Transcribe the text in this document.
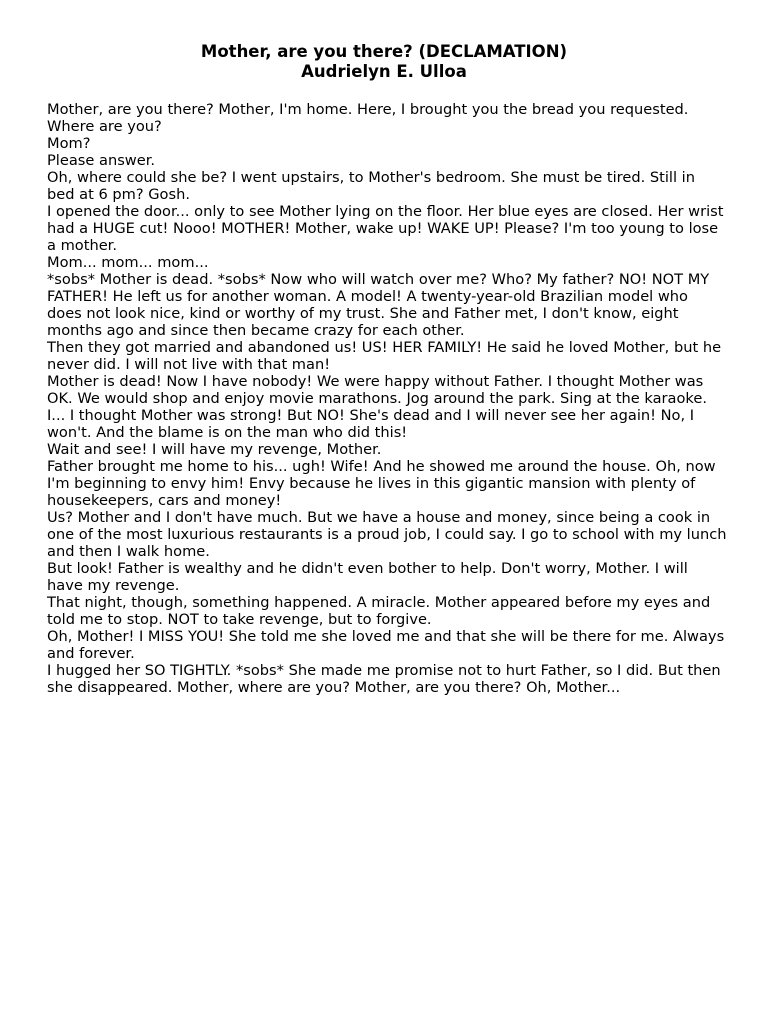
Mother, are you there? (DECLAMATION)
Audrielyn E. Ulloa

Mother, are you there? Mother, I'm home. Here, I brought you the bread you requested. Where are you?

Mom?

Please answer.

Oh, where could she be? I went upstairs, to Mother's bedroom. She must be tired. Still in bed at 6 pm? Gosh.

I opened the door... only to see Mother lying on the floor. Her blue eyes are closed. Her wrist had a HUGE cut! Nooo! MOTHER! Mother, wake up! WAKE UP! Please? I'm too young to lose a mother.

Mom... mom... mom...

*sobs* Mother is dead. *sobs* Now who will watch over me? Who? My father? NO! NOT MY FATHER! He left us for another woman. A model! A twenty-year-old Brazilian model who does not look nice, kind or worthy of my trust. She and Father met, I don't know, eight months ago and since then became crazy for each other.

Then they got married and abandoned us! US! HER FAMILY! He said he loved Mother, but he never did. I will not live with that man!

Mother is dead! Now I have nobody! We were happy without Father. I thought Mother was OK. We would shop and enjoy movie marathons. Jog around the park. Sing at the karaoke.

I... I thought Mother was strong! But NO! She's dead and I will never see her again! No, I won't. And the blame is on the man who did this!

Wait and see! I will have my revenge, Mother.

Father brought me home to his... ugh! Wife! And he showed me around the house. Oh, now I'm beginning to envy him! Envy because he lives in this gigantic mansion with plenty of housekeepers, cars and money!

Us? Mother and I don't have much. But we have a house and money, since being a cook in one of the most luxurious restaurants is a proud job, I could say. I go to school with my lunch and then I walk home.

But look! Father is wealthy and he didn't even bother to help. Don't worry, Mother. I will have my revenge.

That night, though, something happened. A miracle. Mother appeared before my eyes and told me to stop. NOT to take revenge, but to forgive.

Oh, Mother! I MISS YOU! She told me she loved me and that she will be there for me. Always and forever.

I hugged her SO TIGHTLY. *sobs* She made me promise not to hurt Father, so I did. But then she disappeared. Mother, where are you? Mother, are you there? Oh, Mother...
